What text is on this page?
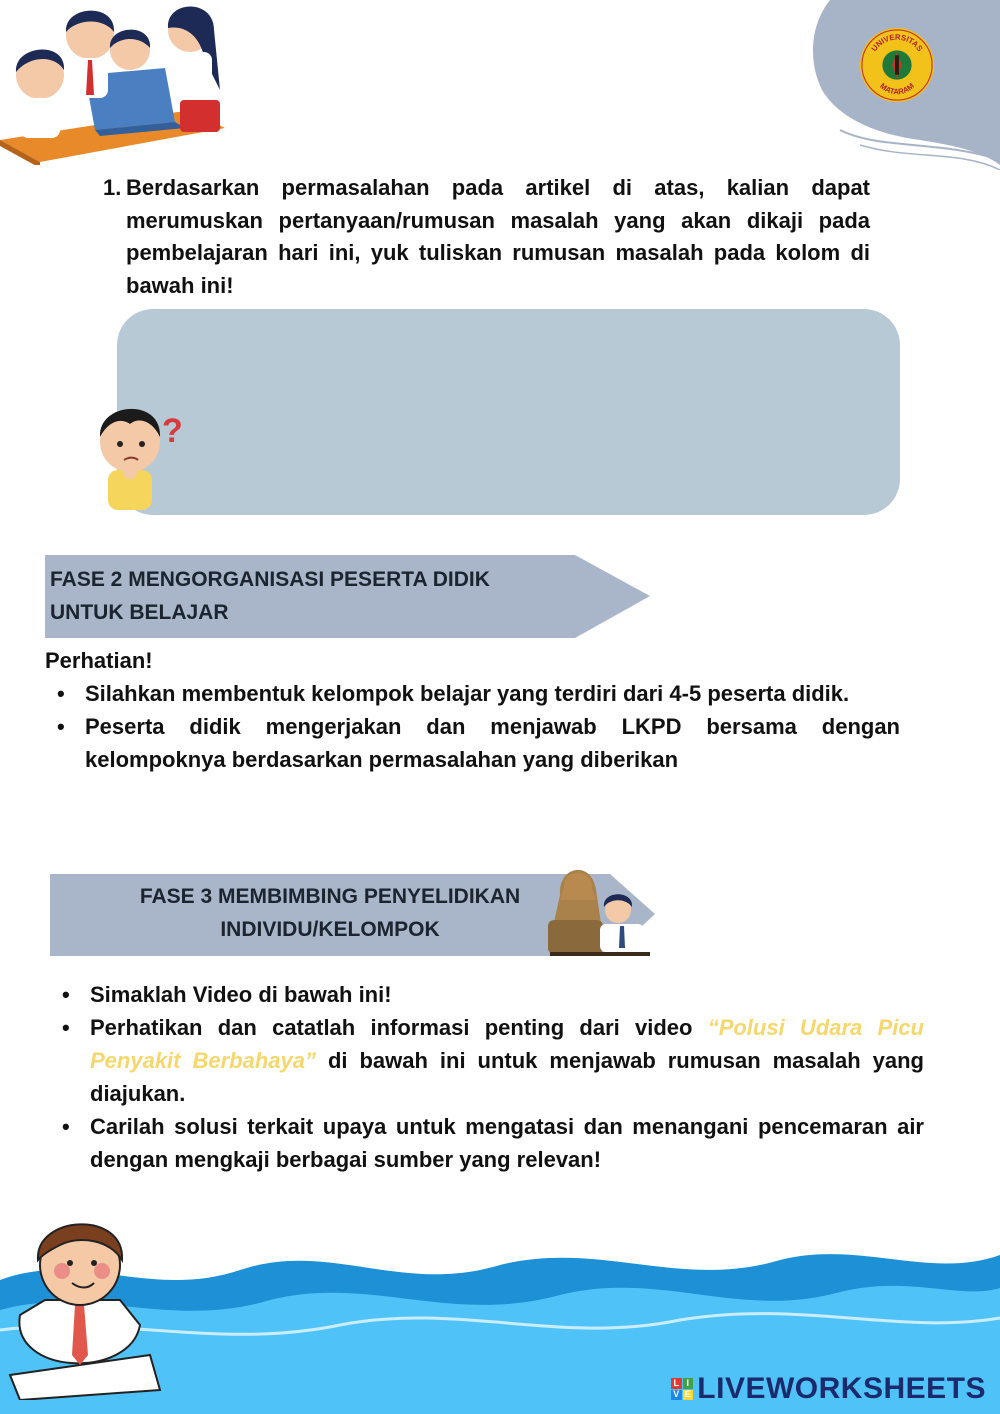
UNIVERSITAS
MATARAM
1. Berdasarkan permasalahan pada artikel di atas, kalian dapat merumuskan pertanyaan/rumusan masalah yang akan dikaji pada pembelajaran hari ini, yuk tuliskan rumusan masalah pada kolom di bawah ini!
?
FASE 2 MENGORGANISASI PESERTA DIDIK
UNTUK BELAJAR
Perhatian!
• Silahkan membentuk kelompok belajar yang terdiri dari 4-5 peserta didik.
• Peserta didik mengerjakan dan menjawab LKPD bersama dengan kelompoknya berdasarkan permasalahan yang diberikan
FASE 3 MEMBIMBING PENYELIDIKAN
INDIVIDU/KELOMPOK
• Simaklah Video di bawah ini!
• Perhatikan dan catatlah informasi penting dari video “Polusi Udara Picu Penyakit Berbahaya” di bawah ini untuk menjawab rumusan masalah yang diajukan.
• Carilah solusi terkait upaya untuk mengatasi dan menangani pencemaran air dengan mengkaji berbagai sumber yang relevan!
L I
V E LIVEWORKSHEETS
